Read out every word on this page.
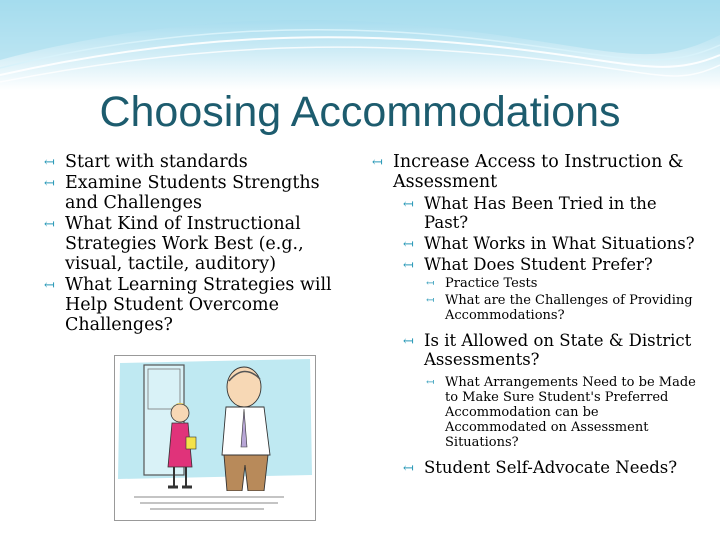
Choosing Accommodations
↤ Start with standards
↤ Examine Students Strengths and Challenges
↤ What Kind of Instructional Strategies Work Best (e.g., visual, tactile, auditory)
↤ What Learning Strategies will Help Student Overcome Challenges?
↤ Increase Access to Instruction & Assessment
↤ What Has Been Tried in the Past?
↤ What Works in What Situations?
↤ What Does Student Prefer?
↤ Practice Tests
↤ What are the Challenges of Providing Accommodations?
↤ Is it Allowed on State & District Assessments?
↤ What Arrangements Need to be Made to Make Sure Student's Preferred Accommodation can be Accommodated on Assessment Situations?
↤ Student Self-Advocate Needs?
